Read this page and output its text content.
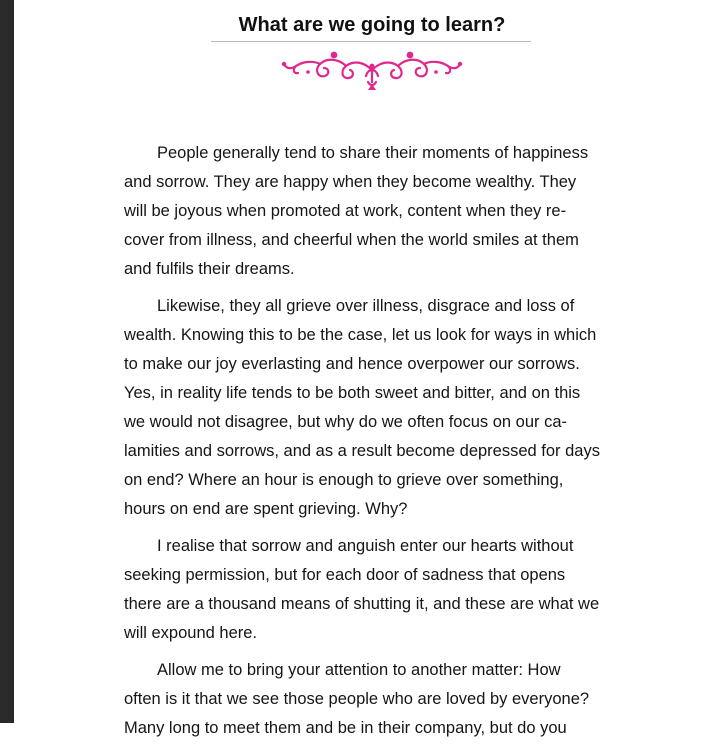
What are we going to learn?

People generally tend to share their moments of happiness
and sorrow. They are happy when they become wealthy. They
will be joyous when promoted at work, content when they re-
cover from illness, and cheerful when the world smiles at them
and fulfils their dreams.

Likewise, they all grieve over illness, disgrace and loss of
wealth. Knowing this to be the case, let us look for ways in which
to make our joy everlasting and hence overpower our sorrows.
Yes, in reality life tends to be both sweet and bitter, and on this
we would not disagree, but why do we often focus on our ca-
lamities and sorrows, and as a result become depressed for days
on end? Where an hour is enough to grieve over something,
hours on end are spent grieving. Why?

I realise that sorrow and anguish enter our hearts without
seeking permission, but for each door of sadness that opens
there are a thousand means of shutting it, and these are what we
will expound here.

Allow me to bring your attention to another matter: How
often is it that we see those people who are loved by everyone?
Many long to meet them and be in their company, but do you
